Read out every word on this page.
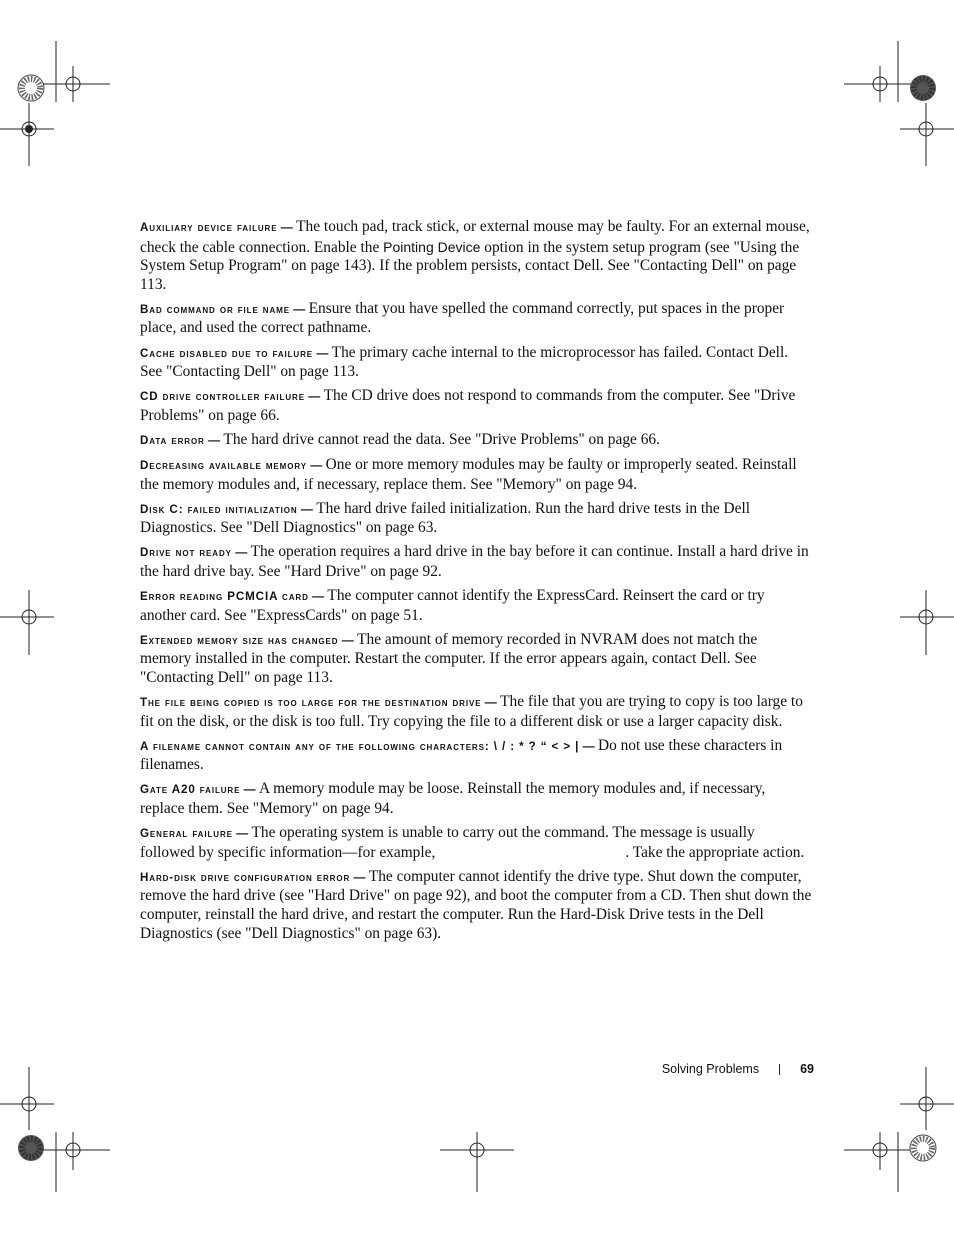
Auxiliary device failure — The touch pad, track stick, or external mouse may be faulty. For an external mouse, check the cable connection. Enable the Pointing Device option in the system setup program (see "Using the System Setup Program" on page 143). If the problem persists, contact Dell. See "Contacting Dell" on page 113.

Bad command or file name — Ensure that you have spelled the command correctly, put spaces in the proper place, and used the correct pathname.

Cache disabled due to failure — The primary cache internal to the microprocessor has failed. Contact Dell. See "Contacting Dell" on page 113.

CD drive controller failure — The CD drive does not respond to commands from the computer. See "Drive Problems" on page 66.

Data error — The hard drive cannot read the data. See "Drive Problems" on page 66.

Decreasing available memory — One or more memory modules may be faulty or improperly seated. Reinstall the memory modules and, if necessary, replace them. See "Memory" on page 94.

Disk C: failed initialization — The hard drive failed initialization. Run the hard drive tests in the Dell Diagnostics. See "Dell Diagnostics" on page 63.

Drive not ready — The operation requires a hard drive in the bay before it can continue. Install a hard drive in the hard drive bay. See "Hard Drive" on page 92.

Error reading PCMCIA card — The computer cannot identify the ExpressCard. Reinsert the card or try another card. See "ExpressCards" on page 51.

Extended memory size has changed — The amount of memory recorded in NVRAM does not match the memory installed in the computer. Restart the computer. If the error appears again, contact Dell. See "Contacting Dell" on page 113.

The file being copied is too large for the destination drive — The file that you are trying to copy is too large to fit on the disk, or the disk is too full. Try copying the file to a different disk or use a larger capacity disk.

A filename cannot contain any of the following characters: \ / : * ? “ < > | — Do not use these characters in filenames.

Gate A20 failure — A memory module may be loose. Reinstall the memory modules and, if necessary, replace them. See "Memory" on page 94.

General failure — The operating system is unable to carry out the command. The message is usually followed by specific information—for example,	. Take the appropriate action.

Hard-disk drive configuration error — The computer cannot identify the drive type. Shut down the computer, remove the hard drive (see "Hard Drive" on page 92), and boot the computer from a CD. Then shut down the computer, reinstall the hard drive, and restart the computer. Run the Hard-Disk Drive tests in the Dell Diagnostics (see "Dell Diagnostics" on page 63).

Solving Problems	69
